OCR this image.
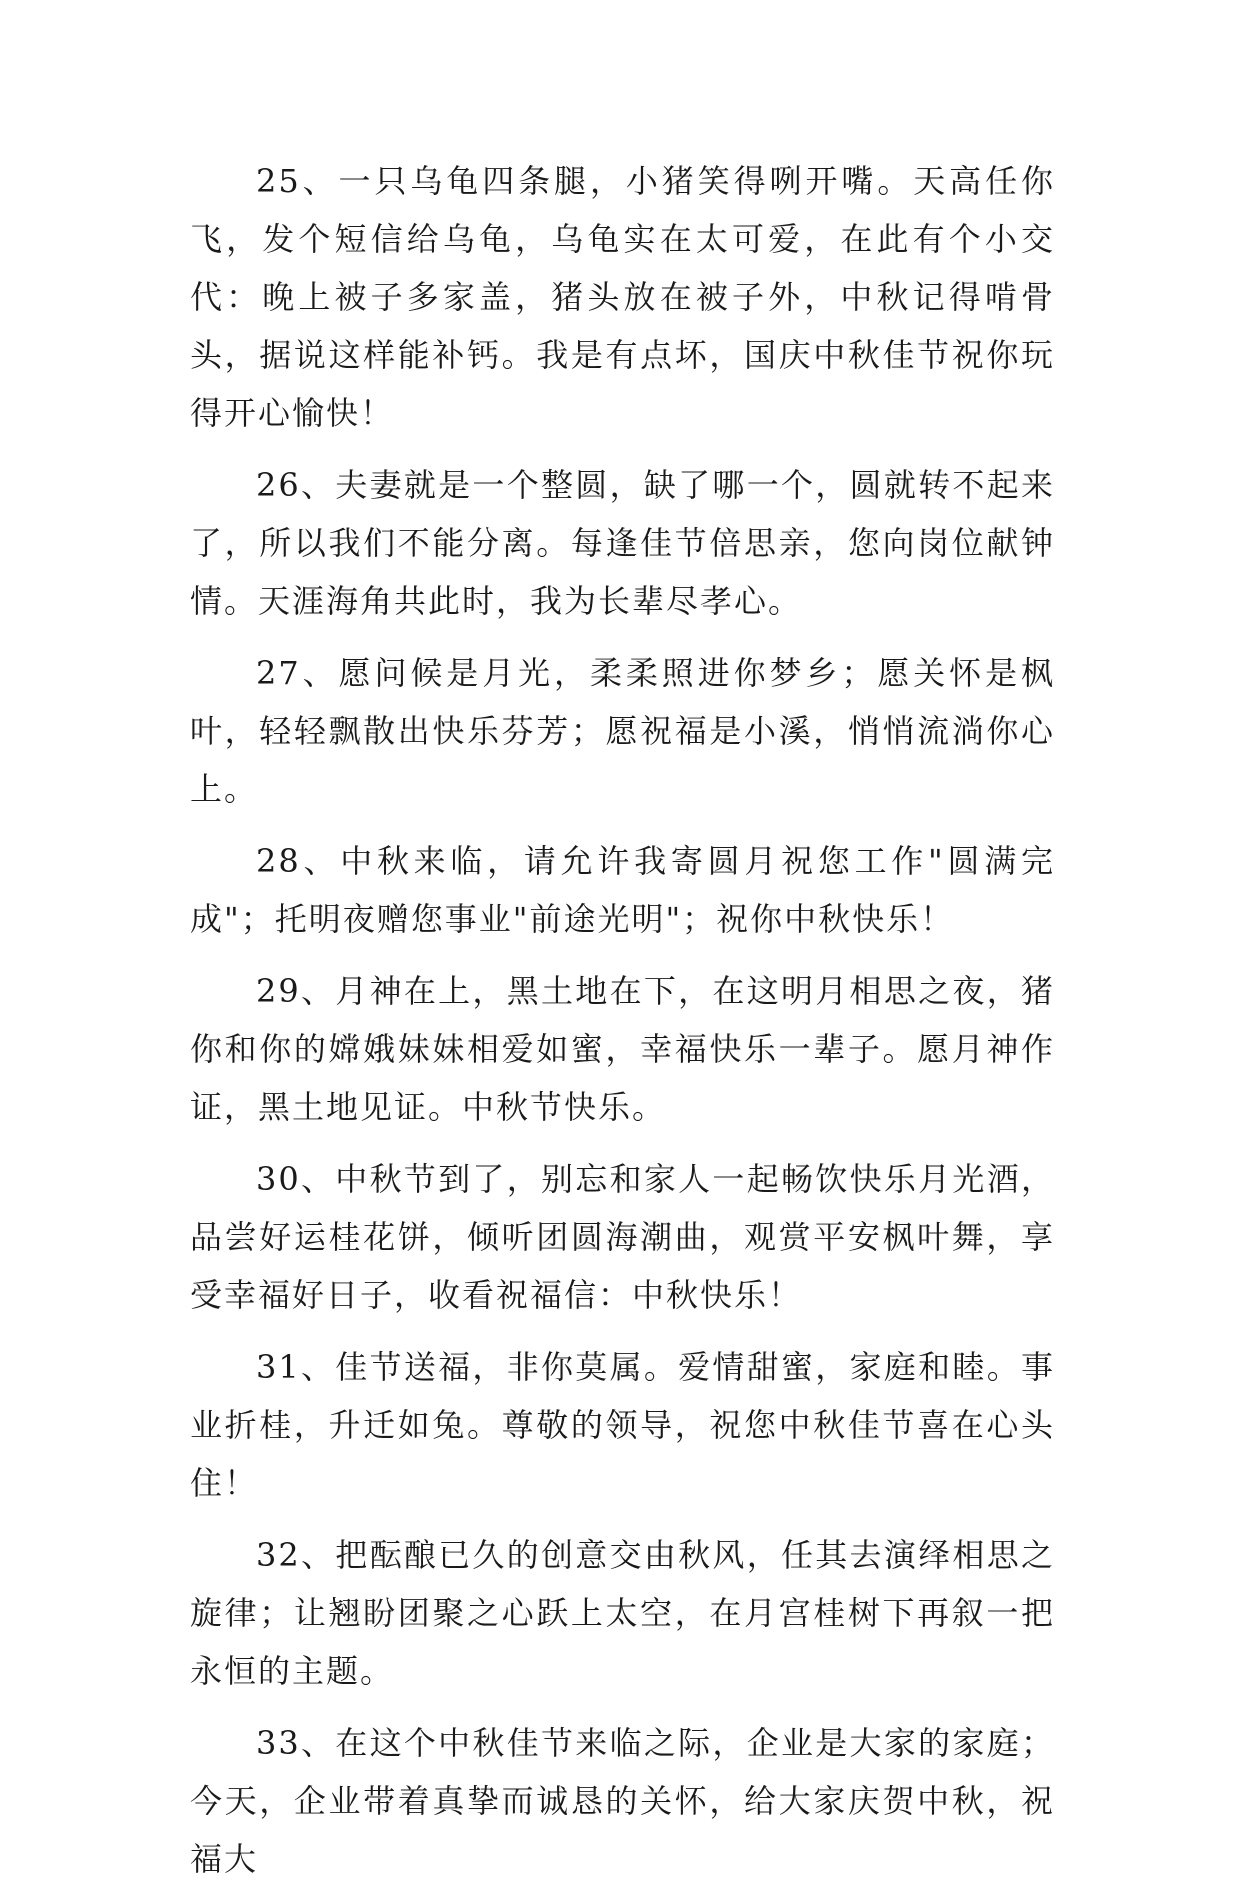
25、一只乌龟四条腿，小猪笑得咧开嘴。天高任你飞，发个短信给乌龟，乌龟实在太可爱，在此有个小交代：晚上被子多家盖，猪头放在被子外，中秋记得啃骨头，据说这样能补钙。我是有点坏，国庆中秋佳节祝你玩得开心愉快！

26、夫妻就是一个整圆，缺了哪一个，圆就转不起来了，所以我们不能分离。每逢佳节倍思亲，您向岗位献钟情。天涯海角共此时，我为长辈尽孝心。

27、愿问候是月光，柔柔照进你梦乡；愿关怀是枫叶，轻轻飘散出快乐芬芳；愿祝福是小溪，悄悄流淌你心上。

28、中秋来临，请允许我寄圆月祝您工作"圆满完成"；托明夜赠您事业"前途光明"；祝你中秋快乐！

29、月神在上，黑土地在下，在这明月相思之夜，猪你和你的嫦娥妹妹相爱如蜜，幸福快乐一辈子。愿月神作证，黑土地见证。中秋节快乐。

30、中秋节到了，别忘和家人一起畅饮快乐月光酒，品尝好运桂花饼，倾听团圆海潮曲，观赏平安枫叶舞，享受幸福好日子，收看祝福信：中秋快乐！

31、佳节送福，非你莫属。爱情甜蜜，家庭和睦。事业折桂，升迁如兔。尊敬的领导，祝您中秋佳节喜在心头住！

32、把酝酿已久的创意交由秋风，任其去演绎相思之旋律；让翘盼团聚之心跃上太空，在月宫桂树下再叙一把永恒的主题。

33、在这个中秋佳节来临之际，企业是大家的家庭；今天，企业带着真挚而诚恳的关怀，给大家庆贺中秋，祝福大
